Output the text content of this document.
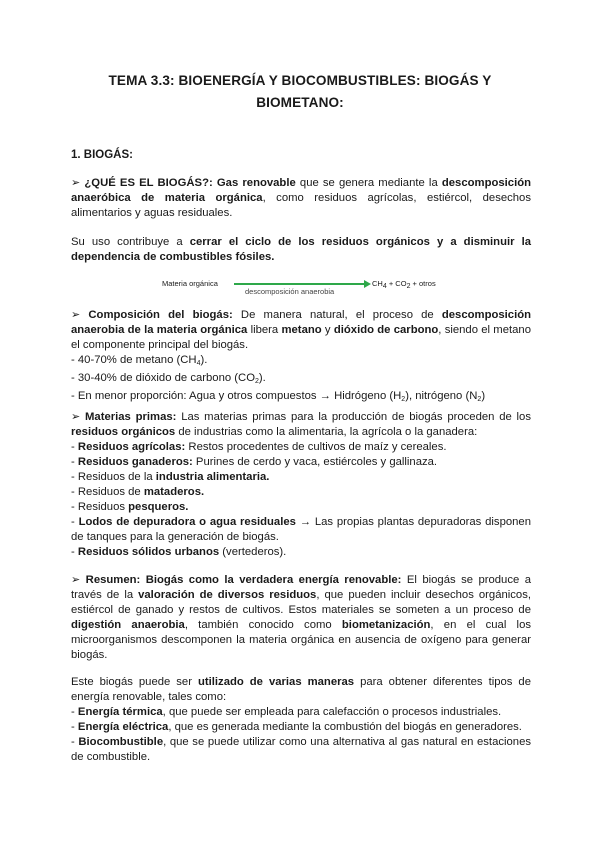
TEMA 3.3: BIOENERGÍA Y BIOCOMBUSTIBLES: BIOGÁS Y
BIOMETANO:
1. BIOGÁS:
➢ ¿QUÉ ES EL BIOGÁS?: Gas renovable que se genera mediante la descomposición anaeróbica de materia orgánica, como residuos agrícolas, estiércol, desechos alimentarios y aguas residuales.
Su uso contribuye a cerrar el ciclo de los residuos orgánicos y a disminuir la dependencia de combustibles fósiles.
Materia orgánica
descomposición anaerobia
CH4 + CO2 + otros
➢ Composición del biogás: De manera natural, el proceso de descomposición anaerobia de la materia orgánica libera metano y dióxido de carbono, siendo el metano el componente principal del biogás.
- 40-70% de metano $(CH_4)$.
- 30-40% de dióxido de carbono $(CO_2)$.
- En menor proporción: Agua y otros compuestos → Hidrógeno $(H_2)$, nitrógeno $(N_2)$
➢ Materias primas: Las materias primas para la producción de biogás proceden de los residuos orgánicos de industrias como la alimentaria, la agrícola o la ganadera:
- Residuos agrícolas: Restos procedentes de cultivos de maíz y cereales.
- Residuos ganaderos: Purines de cerdo y vaca, estiércoles y gallinaza.
- Residuos de la industria alimentaria.
- Residuos de mataderos.
- Residuos pesqueros.
- Lodos de depuradora o agua residuales → Las propias plantas depuradoras disponen de tanques para la generación de biogás.
- Residuos sólidos urbanos (vertederos).
➢ Resumen: Biogás como la verdadera energía renovable: El biogás se produce a través de la valoración de diversos residuos, que pueden incluir desechos orgánicos, estiércol de ganado y restos de cultivos. Estos materiales se someten a un proceso de digestión anaerobia, también conocido como biometanización, en el cual los microorganismos descomponen la materia orgánica en ausencia de oxígeno para generar biogás.
Este biogás puede ser utilizado de varias maneras para obtener diferentes tipos de energía renovable, tales como:
- Energía térmica, que puede ser empleada para calefacción o procesos industriales.
- Energía eléctrica, que es generada mediante la combustión del biogás en generadores.
- Biocombustible, que se puede utilizar como una alternativa al gas natural en estaciones de combustible.
